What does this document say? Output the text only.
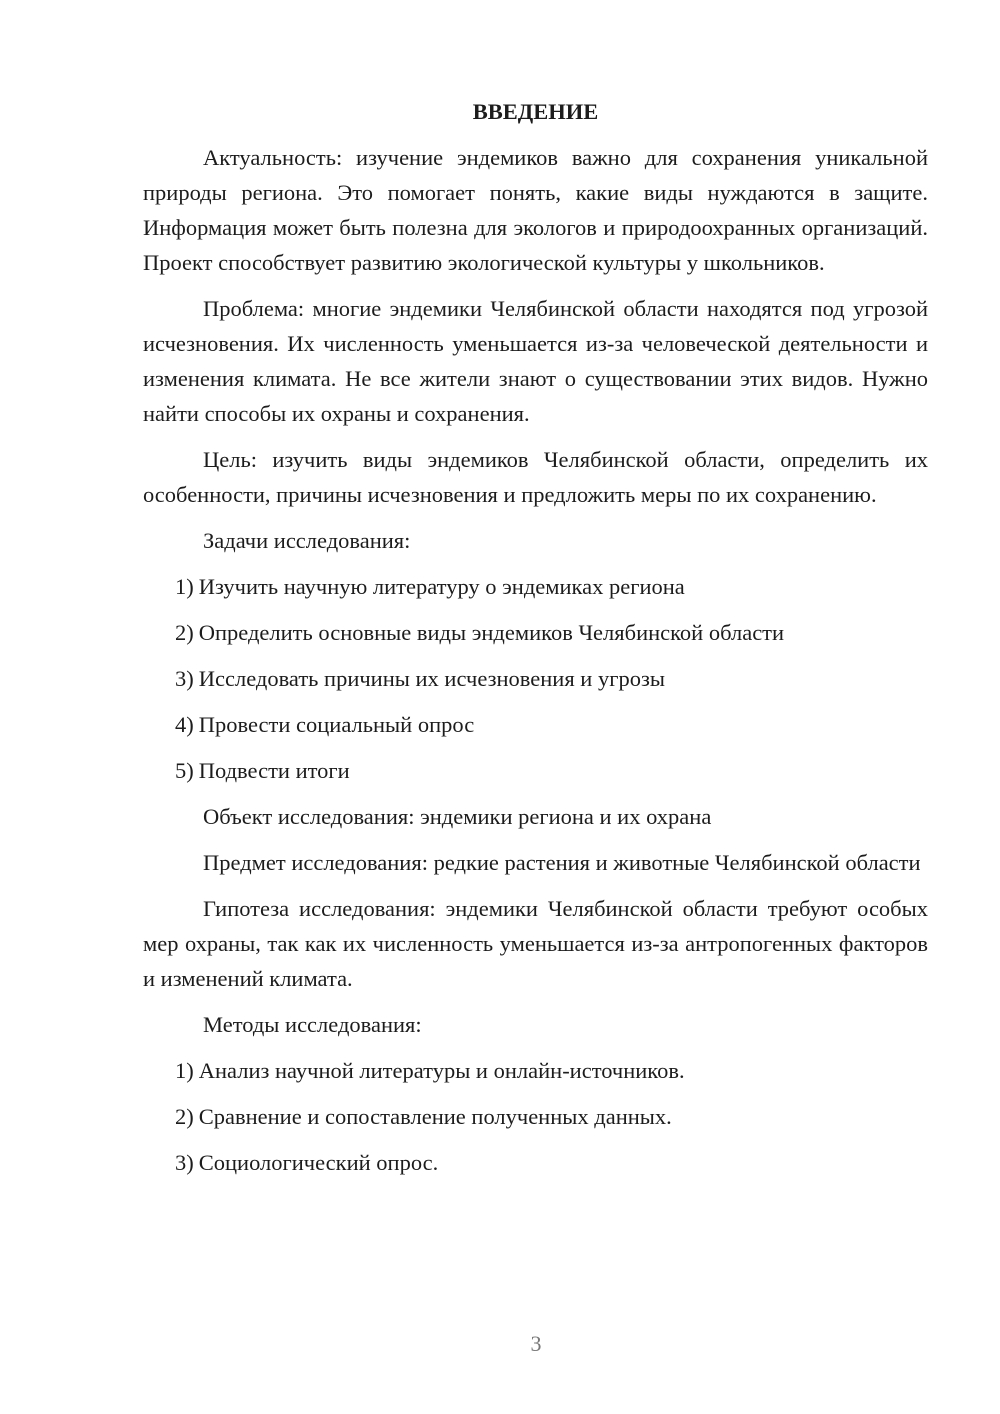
ВВЕДЕНИЕ

Актуальность: изучение эндемиков важно для сохранения уникальной природы региона. Это помогает понять, какие виды нуждаются в защите. Информация может быть полезна для экологов и природоохранных организаций. Проект способствует развитию экологической культуры у школьников.

Проблема: многие эндемики Челябинской области находятся под угрозой исчезновения. Их численность уменьшается из-за человеческой деятельности и изменения климата. Не все жители знают о существовании этих видов. Нужно найти способы их охраны и сохранения.

Цель: изучить виды эндемиков Челябинской области, определить их особенности, причины исчезновения и предложить меры по их сохранению.

Задачи исследования:

1) Изучить научную литературу о эндемиках региона
2) Определить основные виды эндемиков Челябинской области
3) Исследовать причины их исчезновения и угрозы
4) Провести социальный опрос
5) Подвести итоги

Объект исследования: эндемики региона и их охрана

Предмет исследования: редкие растения и животные Челябинской области

Гипотеза исследования: эндемики Челябинской области требуют особых мер охраны, так как их численность уменьшается из-за антропогенных факторов и изменений климата.

Методы исследования:

1) Анализ научной литературы и онлайн-источников.
2) Сравнение и сопоставление полученных данных.
3) Социологический опрос.
3
